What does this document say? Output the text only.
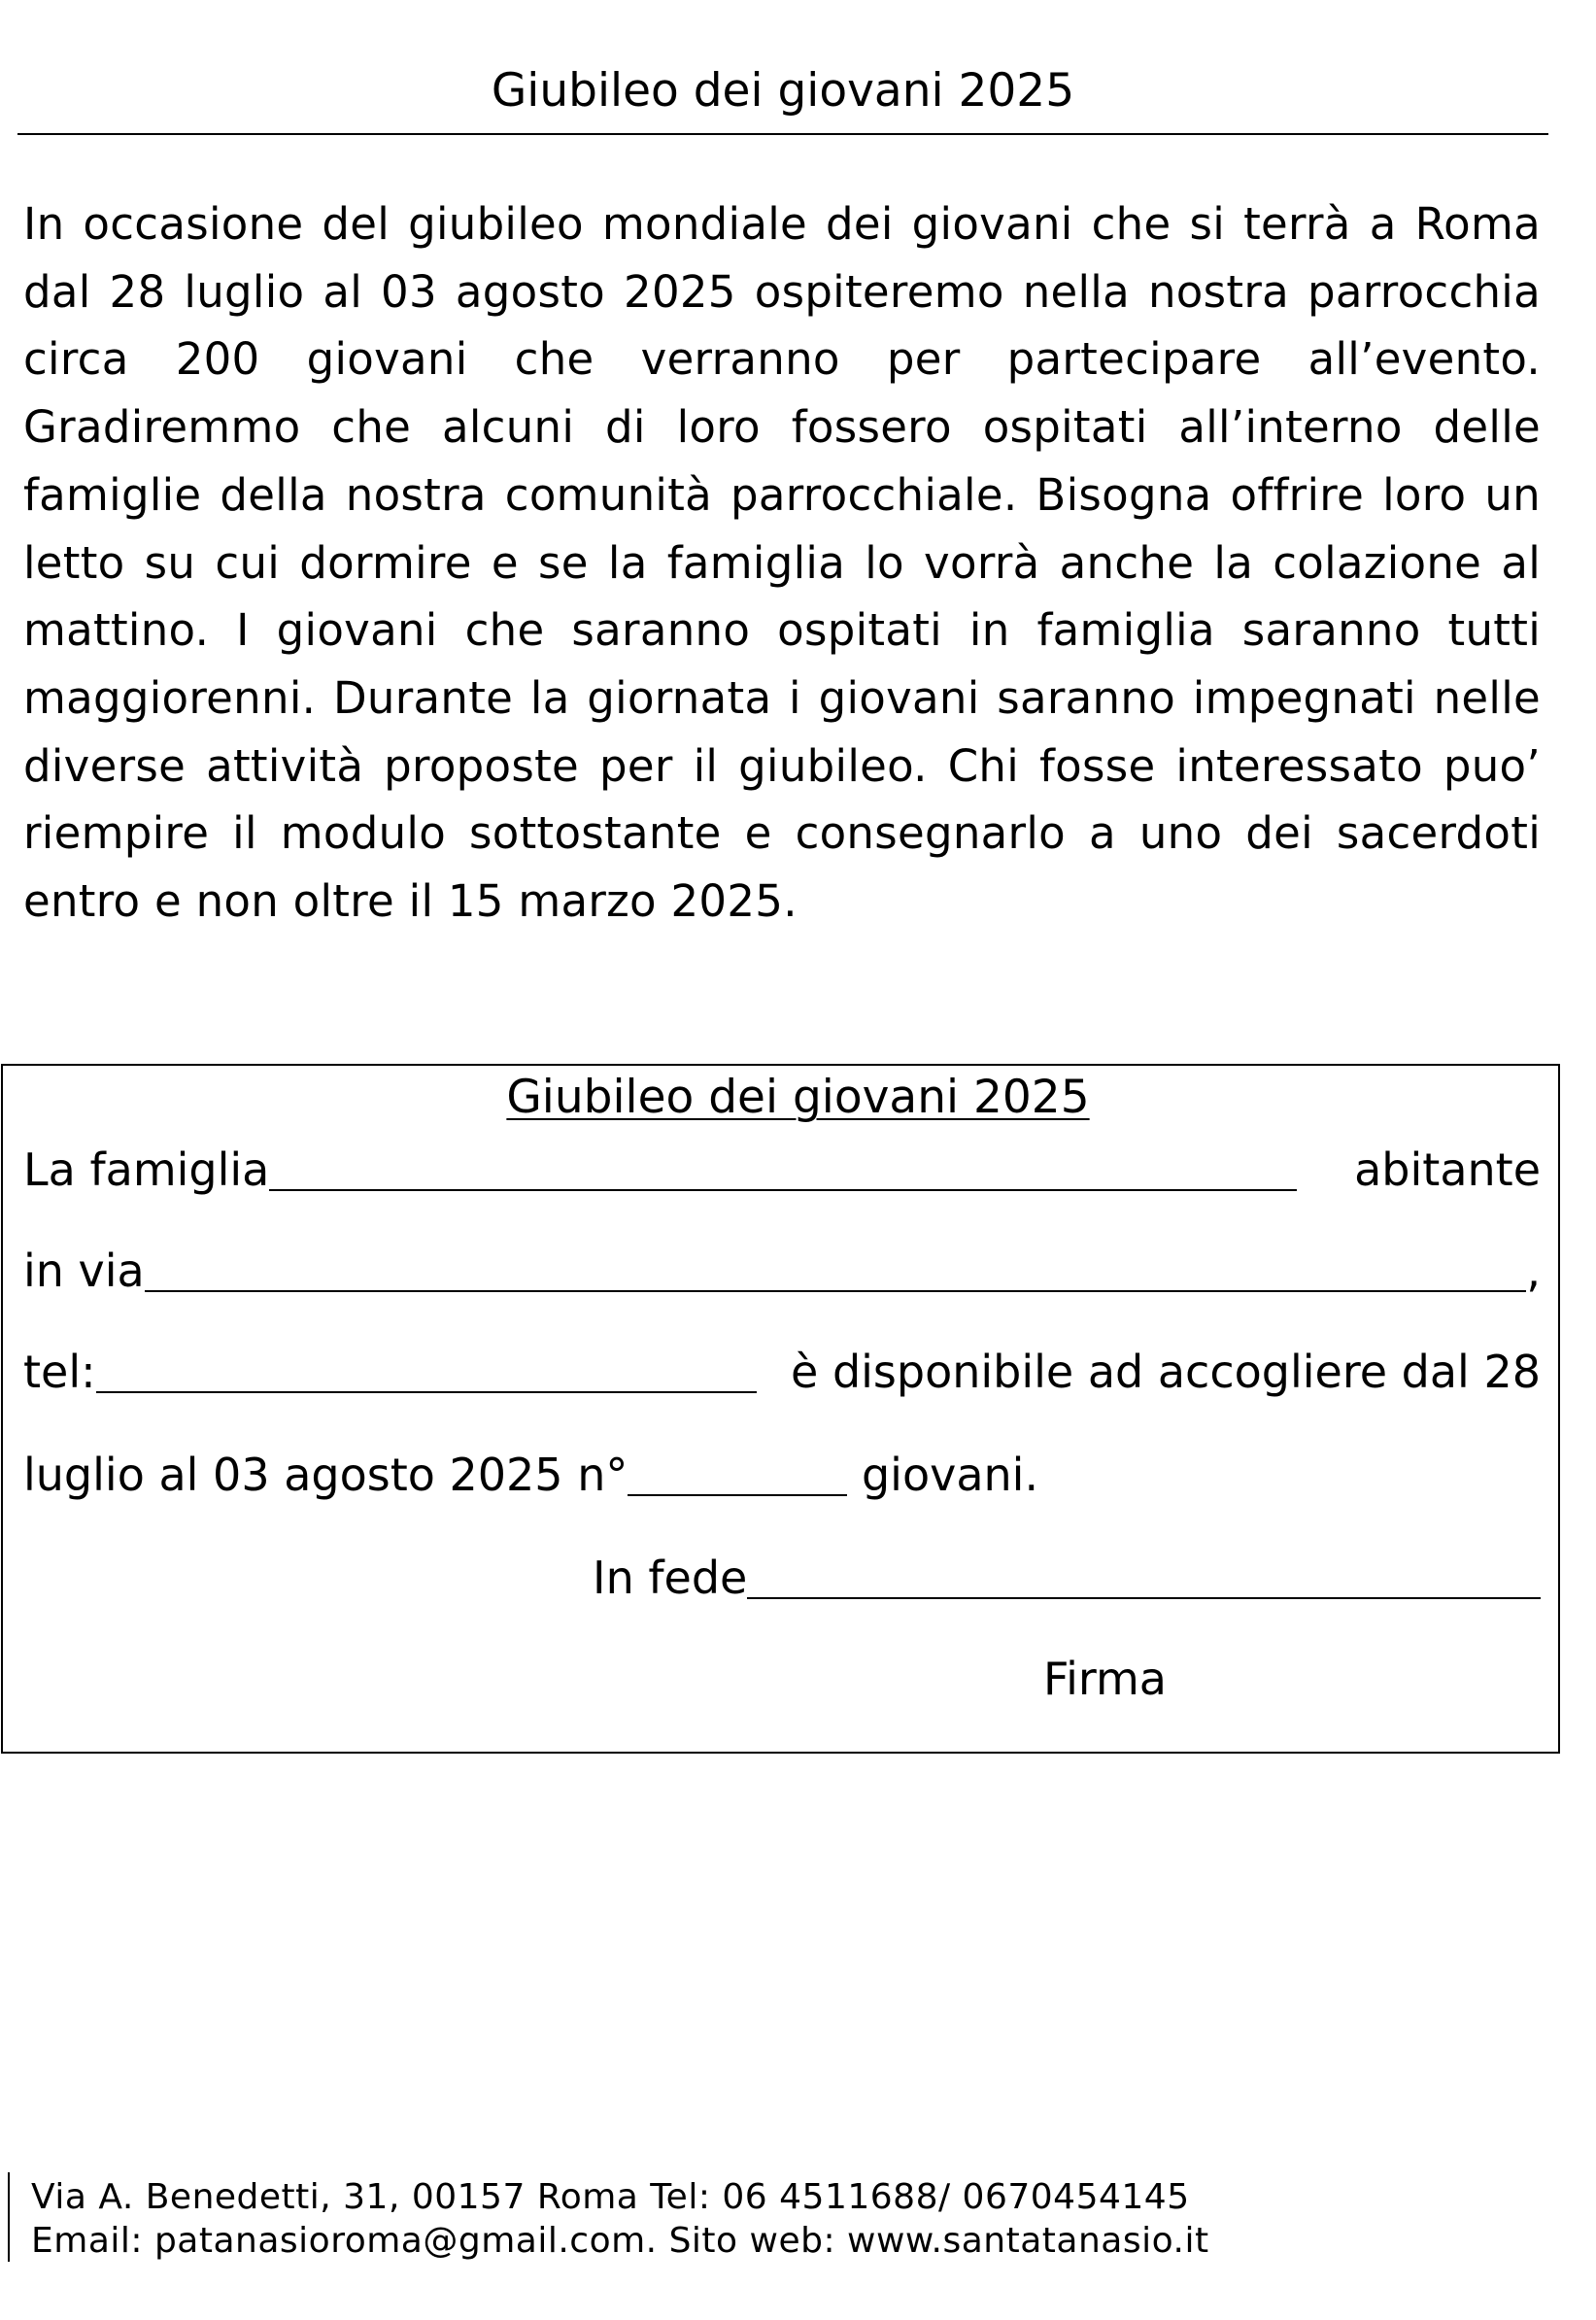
Giubileo dei giovani 2025

In occasione del giubileo mondiale dei giovani che si terrà a Roma dal 28 luglio al 03 agosto 2025 ospiteremo nella nostra parrocchia circa 200 giovani che verranno per partecipare all’evento. Gradiremmo che alcuni di loro fossero ospitati all’interno delle famiglie della nostra comunità parrocchiale. Bisogna offrire loro un letto su cui dormire e se la famiglia lo vorrà anche la colazione al mattino. I giovani che saranno ospitati in famiglia saranno tutti maggiorenni. Durante la giornata i giovani saranno impegnati nelle diverse attività proposte per il giubileo. Chi fosse interessato puo’ riempire il modulo sottostante e consegnarlo a uno dei sacerdoti entro e non oltre il 15 marzo 2025.

Giubileo dei giovani 2025
La famiglia	abitante
in via	,
tel:	è disponibile ad accogliere dal 28
luglio al 03 agosto 2025 n°
	giovani.
In fede
Firma
Via A. Benedetti, 31, 00157 Roma Tel: 06 4511688/ 0670454145
Email: patanasioroma@gmail.com. Sito web: www.santatanasio.it
